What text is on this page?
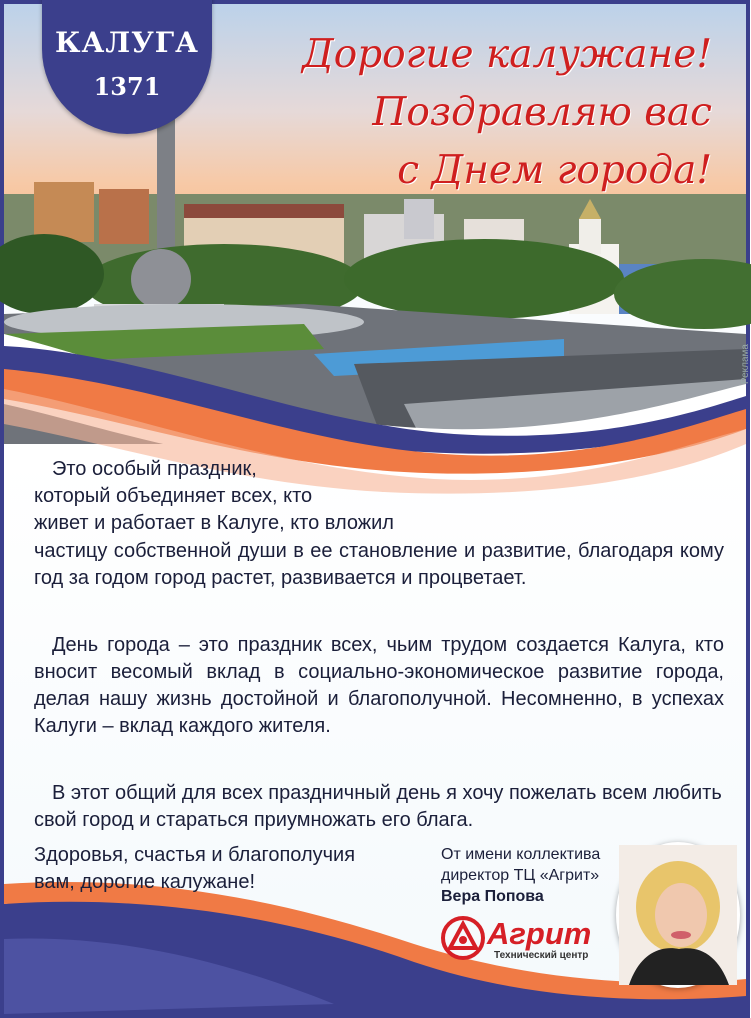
КАЛУГА
1371
Дорогие калужане!
Поздравляю вас
с Днем города!
Реклама
Это особый праздник,
который объединяет всех, кто
живет и работает в Калуге, кто вложил
частицу собственной души в ее становление и развитие, благодаря кому год за годом город растет, развивается и процветает.
День города – это праздник всех, чьим трудом создается Калуга, кто вносит весомый вклад в социально-экономическое развитие города, делая нашу жизнь достойной и благополучной. Несомненно, в успехах Калуги – вклад каждого жителя.
В этот общий для всех праздничный день я хочу пожелать всем любить свой город и стараться приумножать его блага.
Здоровья, счастья и благополучия
вам, дорогие калужане!
От имени коллектива
директор ТЦ «Агрит»
Вера Попова
Агрит
Технический центр
